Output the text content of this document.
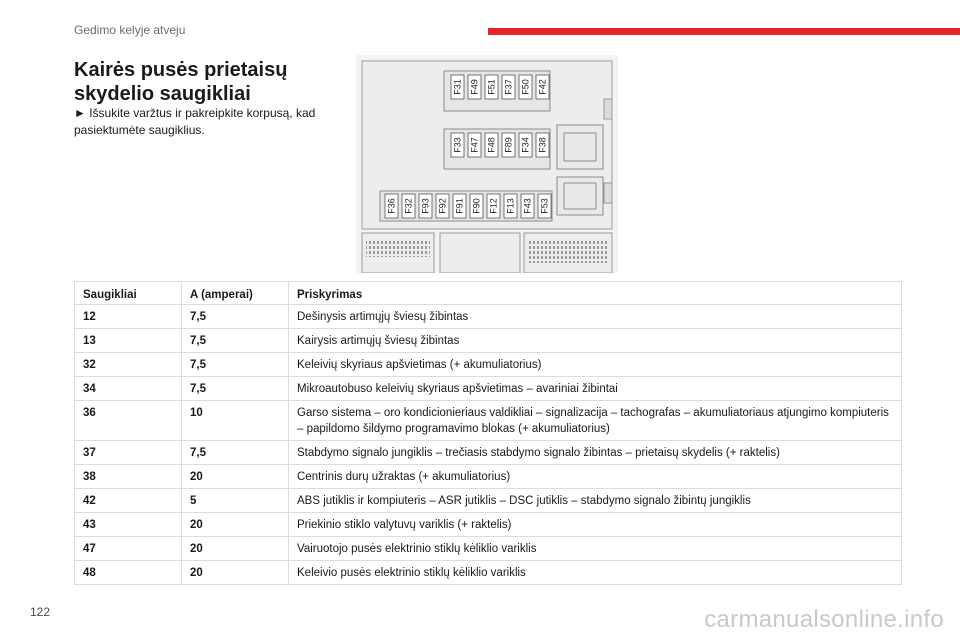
Gedimo kelyje atveju
Kairės pusės prietaisų skydelio saugikliai
► Išsukite varžtus ir pakreipkite korpusą, kad pasiektumėte saugiklius.
F31 F49 F51 F37 F50 F42
F33 F47 F48 F89 F34 F38
F36 F32 F93 F92 F91 F90 F12 F13 F43 F53
Saugikliai	A (amperai)	Priskyrimas
12	7,5	Dešinysis artimųjų šviesų žibintas
13	7,5	Kairysis artimųjų šviesų žibintas
32	7,5	Keleivių skyriaus apšvietimas (+ akumuliatorius)
34	7,5	Mikroautobuso keleivių skyriaus apšvietimas – avariniai žibintai
36	10	Garso sistema – oro kondicionieriaus valdikliai – signalizacija – tachografas – akumuliatoriaus atjungimo kompiuteris – papildomo šildymo programavimo blokas (+ akumuliatorius)
37	7,5	Stabdymo signalo jungiklis – trečiasis stabdymo signalo žibintas – prietaisų skydelis (+ raktelis)
38	20	Centrinis durų užraktas (+ akumuliatorius)
42	5	ABS jutiklis ir kompiuteris – ASR jutiklis – DSC jutiklis – stabdymo signalo žibintų jungiklis
43	20	Priekinio stiklo valytuvų variklis (+ raktelis)
47	20	Vairuotojo pusės elektrinio stiklų kėliklio variklis
48	20	Keleivio pusės elektrinio stiklų kėliklio variklis
122	carmanualsonline.info
